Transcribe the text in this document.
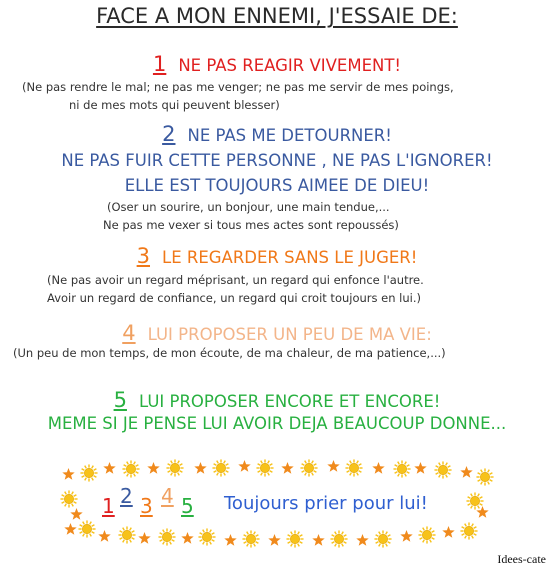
FACE A MON ENNEMI, J'ESSAIE DE:
1 NE PAS REAGIR VIVEMENT!
(Ne pas rendre le mal; ne pas me venger; ne pas me servir de mes poings,
ni de mes mots qui peuvent blesser)
2 NE PAS ME DETOURNER!
NE PAS FUIR CETTE PERSONNE , NE PAS L'IGNORER!
ELLE EST TOUJOURS AIMEE DE DIEU!
(Oser un sourire, un bonjour, une main tendue,...
Ne pas me vexer si tous mes actes sont repoussés)
3 LE REGARDER SANS LE JUGER!
(Ne pas avoir un regard méprisant, un regard qui enfonce l'autre.
Avoir un regard de confiance, un regard qui croit toujours en lui.)
4 LUI PROPOSER UN PEU DE MA VIE:
(Un peu de mon temps, de mon écoute, de ma chaleur, de ma patience,...)
5 LUI PROPOSER ENCORE ET ENCORE!
MEME SI JE PENSE LUI AVOIR DEJA BEAUCOUP DONNE...
1 2 3 4 5 Toujours prier pour lui!
Idees-cate
